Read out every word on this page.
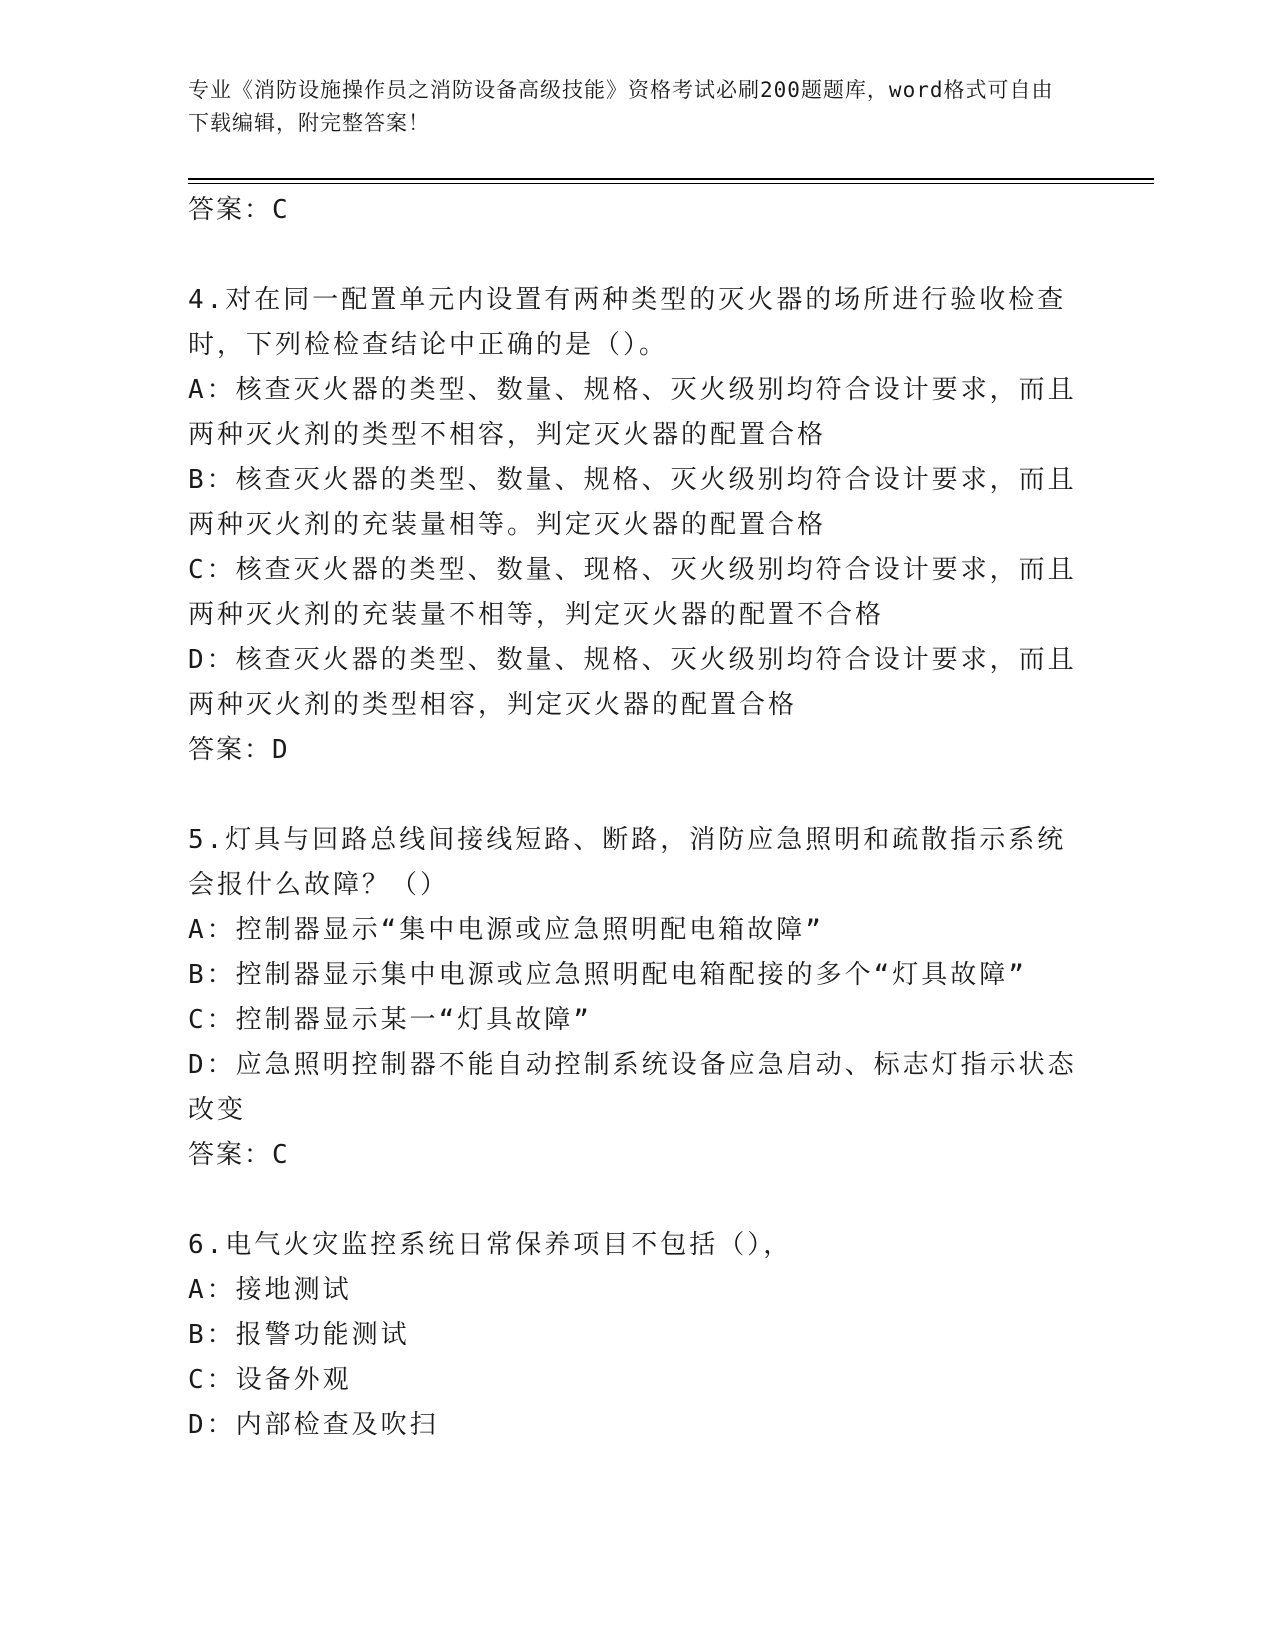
专业《消防设施操作员之消防设备高级技能》资格考试必刷200题题库，word格式可自由下载编辑，附完整答案！
答案：C
4.对在同一配置单元内设置有两种类型的灭火器的场所进行验收检查时，下列检检查结论中正确的是（）。
A：核查灭火器的类型、数量、规格、灭火级别均符合设计要求，而且两种灭火剂的类型不相容，判定灭火器的配置合格
B：核查灭火器的类型、数量、规格、灭火级别均符合设计要求，而且两种灭火剂的充装量相等。判定灭火器的配置合格
C：核查灭火器的类型、数量、现格、灭火级别均符合设计要求，而且两种灭火剂的充装量不相等，判定灭火器的配置不合格
D：核查灭火器的类型、数量、规格、灭火级别均符合设计要求，而且两种灭火剂的类型相容，判定灭火器的配置合格
答案：D
5.灯具与回路总线间接线短路、断路，消防应急照明和疏散指示系统会报什么故障？（）
A：控制器显示“集中电源或应急照明配电箱故障”
B：控制器显示集中电源或应急照明配电箱配接的多个“灯具故障”
C：控制器显示某一“灯具故障”
D：应急照明控制器不能自动控制系统设备应急启动、标志灯指示状态改变
答案：C
6.电气火灾监控系统日常保养项目不包括（），
A：接地测试
B：报警功能测试
C：设备外观
D：内部检查及吹扫
